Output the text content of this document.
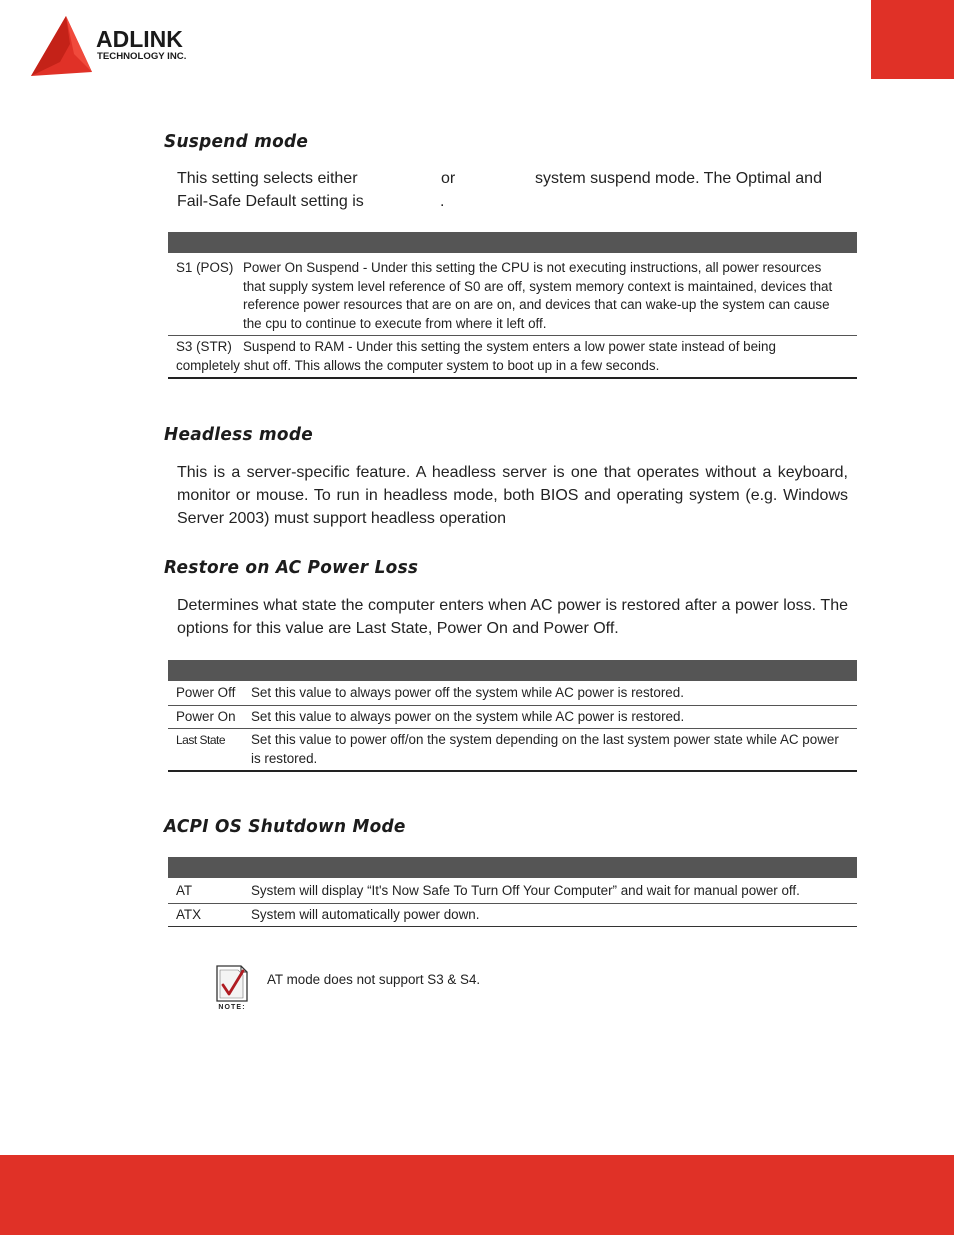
ADLINK
TECHNOLOGY INC.
Suspend mode
This setting selects either	or	system suspend mode. The Optimal and
Fail-Safe Default setting is	.
S1 (POS) Power On Suspend - Under this setting the CPU is not executing instructions, all power resources that supply system level reference of S0 are off, system memory context is maintained, devices that reference power resources that are on are on, and devices that can wake-up the system can cause the cpu to continue to execute from where it left off.
S3 (STR) Suspend to RAM - Under this setting the system enters a low power state instead of being
completely shut off. This allows the computer system to boot up in a few seconds.
Headless mode

This is a server-specific feature. A headless server is one that operates without a keyboard, monitor or mouse. To run in headless mode, both BIOS and operating system (e.g. Windows Server 2003) must support headless operation

Restore on AC Power Loss

Determines what state the computer enters when AC power is restored after a power loss. The options for this value are Last State, Power On and Power Off.

Power Off	Set this value to always power off the system while AC power is restored.
Power On	Set this value to always power on the system while AC power is restored.
Last State	Set this value to power off/on the system depending on the last system power state while AC power is restored.
ACPI OS Shutdown Mode
AT	System will display “It's Now Safe To Turn Off Your Computer” and wait for manual power off.
ATX	System will automatically power down.
NOTE:
AT mode does not support S3 & S4.
